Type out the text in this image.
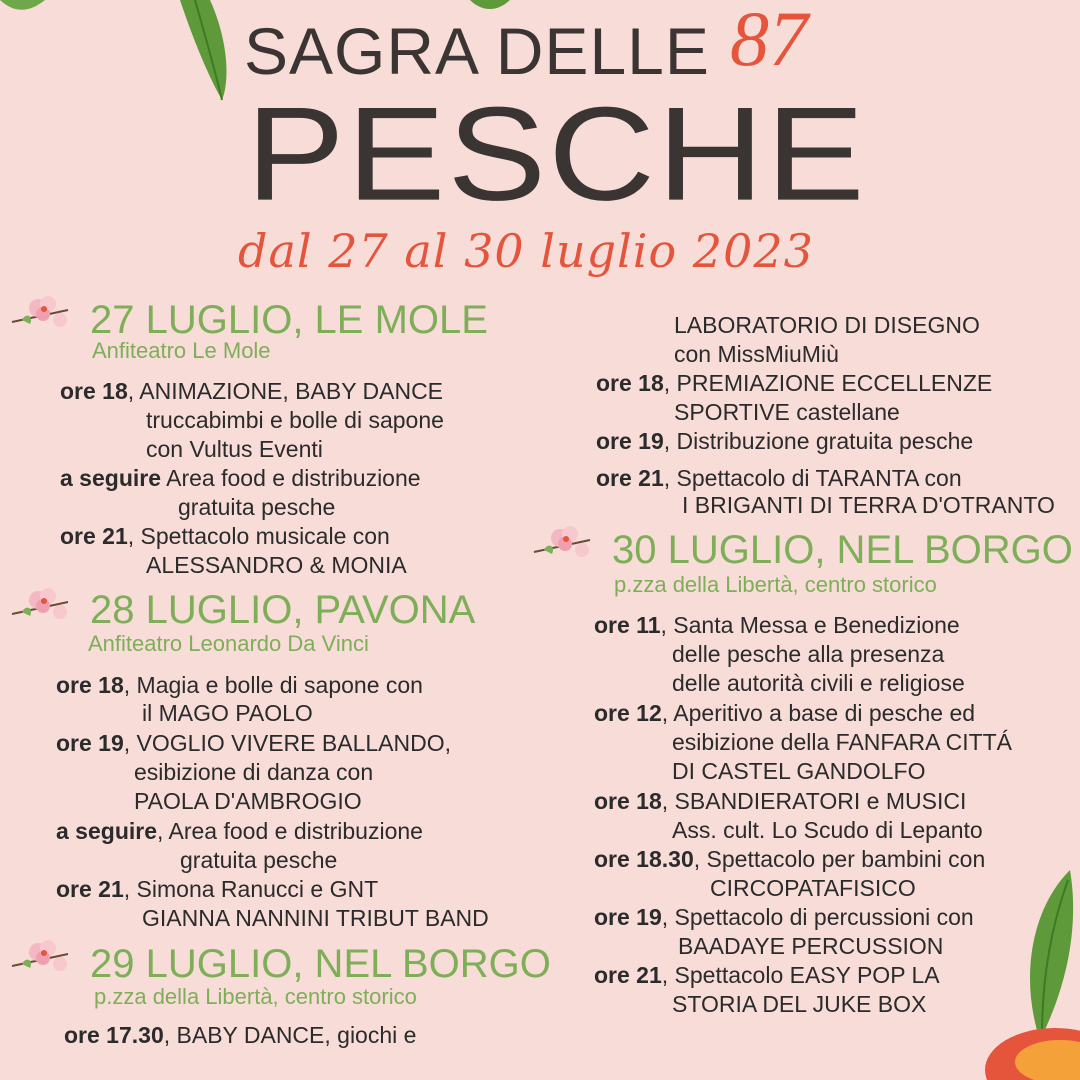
SAGRA DELLE 87
PESCHE
dal 27 al 30 luglio 2023
27 LUGLIO, LE MOLE
Anfiteatro Le Mole
ore 18, ANIMAZIONE, BABY DANCE
truccabimbi e bolle di sapone
con Vultus Eventi
a seguire Area food e distribuzione
gratuita pesche
ore 21, Spettacolo musicale con
ALESSANDRO & MONIA
28 LUGLIO, PAVONA
Anfiteatro Leonardo Da Vinci
ore 18, Magia e bolle di sapone con
il MAGO PAOLO
ore 19, VOGLIO VIVERE BALLANDO,
esibizione di danza con
PAOLA D'AMBROGIO
a seguire, Area food e distribuzione
gratuita pesche
ore 21, Simona Ranucci e GNT
GIANNA NANNINI TRIBUT BAND
29 LUGLIO, NEL BORGO
p.zza della Libertà, centro storico
ore 17.30, BABY DANCE, giochi e
LABORATORIO DI DISEGNO
con MissMiuMiù
ore 18, PREMIAZIONE ECCELLENZE
SPORTIVE castellane
ore 19, Distribuzione gratuita pesche
ore 21, Spettacolo di TARANTA con
I BRIGANTI DI TERRA D'OTRANTO
30 LUGLIO, NEL BORGO
p.zza della Libertà, centro storico
ore 11, Santa Messa e Benedizione
delle pesche alla presenza
delle autorità civili e religiose
ore 12, Aperitivo a base di pesche ed
esibizione della FANFARA CITTÁ
DI CASTEL GANDOLFO
ore 18, SBANDIERATORI e MUSICI
Ass. cult. Lo Scudo di Lepanto
ore 18.30, Spettacolo per bambini con
CIRCOPATAFISICO
ore 19, Spettacolo di percussioni con
BAADAYE PERCUSSION
ore 21, Spettacolo EASY POP LA
STORIA DEL JUKE BOX
